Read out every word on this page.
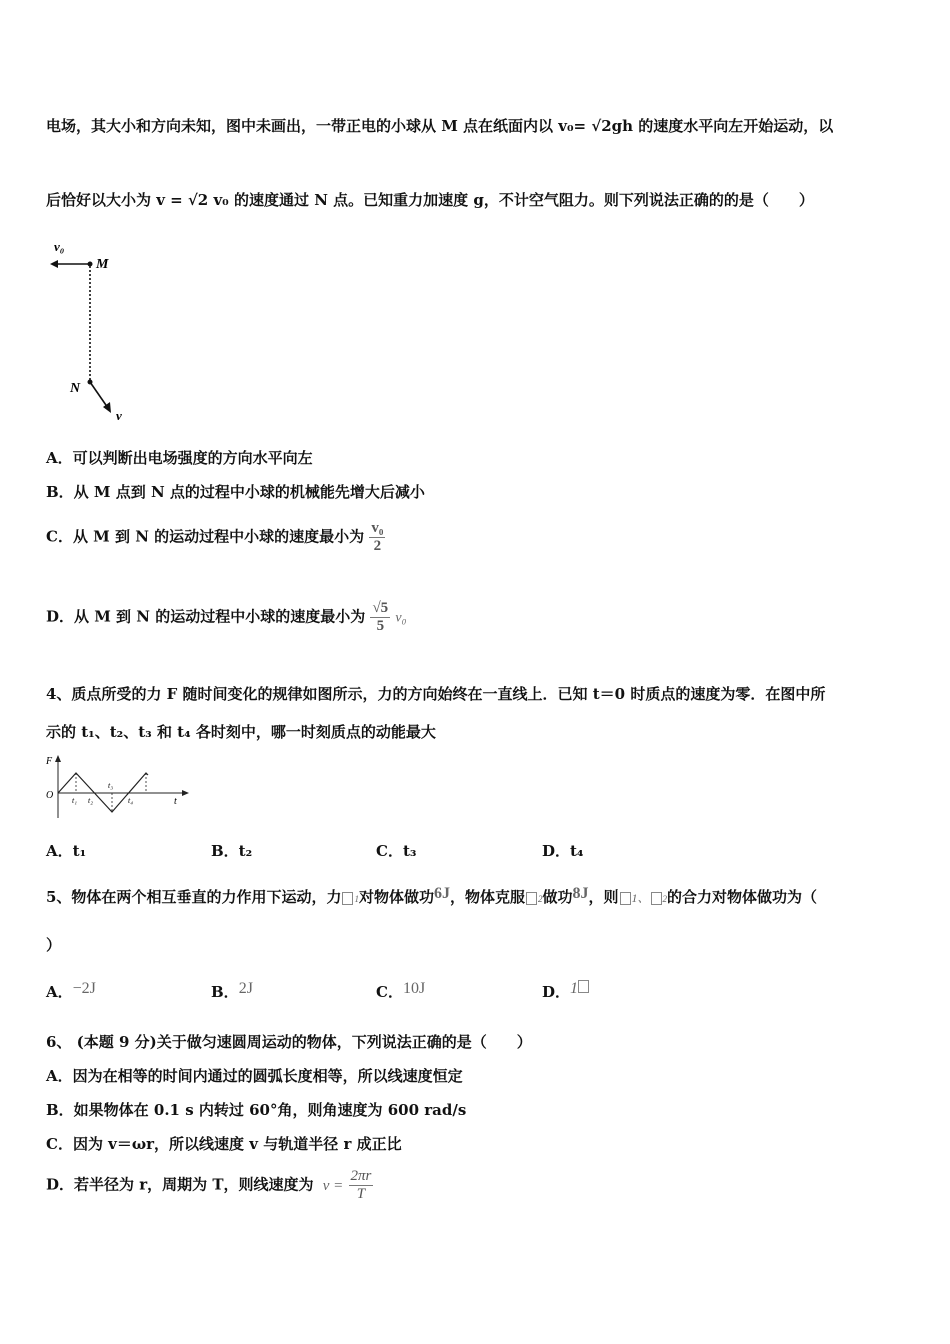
电场，其大小和方向未知，图中未画出，一带正电的小球从 M 点在纸面内以 v₀= √2gh 的速度水平向左开始运动，以
后恰好以大小为 v = √2 v₀ 的速度通过 N 点。已知重力加速度 g，不计空气阻力。则下列说法正确的的是（　　）
v₀
M
N
v
A．可以判断出电场强度的方向水平向左
B．从 M 点到 N 点的过程中小球的机械能先增大后减小
C．从 M 到 N 的运动过程中小球的速度最小为 $\frac{\text{v₀}}{2}$
D．从 M 到 N 的运动过程中小球的速度最小为 $\frac{√5}{5} v_0$
4、质点所受的力 F 随时间变化的规律如图所示，力的方向始终在一直线上．已知 t＝0 时质点的速度为零．在图中所
示的 t₁、t₂、t₃ 和 t₄ 各时刻中，哪一时刻质点的动能最大
F
O
t
t₁ t₂
t₃
t₄
A．t₁	B．t₂	C．t₃	D．t₄
5、物体在两个相互垂直的力作用下运动，力 1对物体做功6J，物体克服 2做功8J，则 1、 2的合力对物体做功为（
）
A．−2J	B．2J	C．10J	D．1
6、 (本题 9 分)关于做匀速圆周运动的物体，下列说法正确的是（　　）
A．因为在相等的时间内通过的圆弧长度相等，所以线速度恒定
B．如果物体在 0.1 s 内转过 60°角，则角速度为 600 rad/s
C．因为 v＝ωr，所以线速度 v 与轨道半径 r 成正比
D．若半径为 r，周期为 T，则线速度为 $v = \frac{2\pi r}{T}$
